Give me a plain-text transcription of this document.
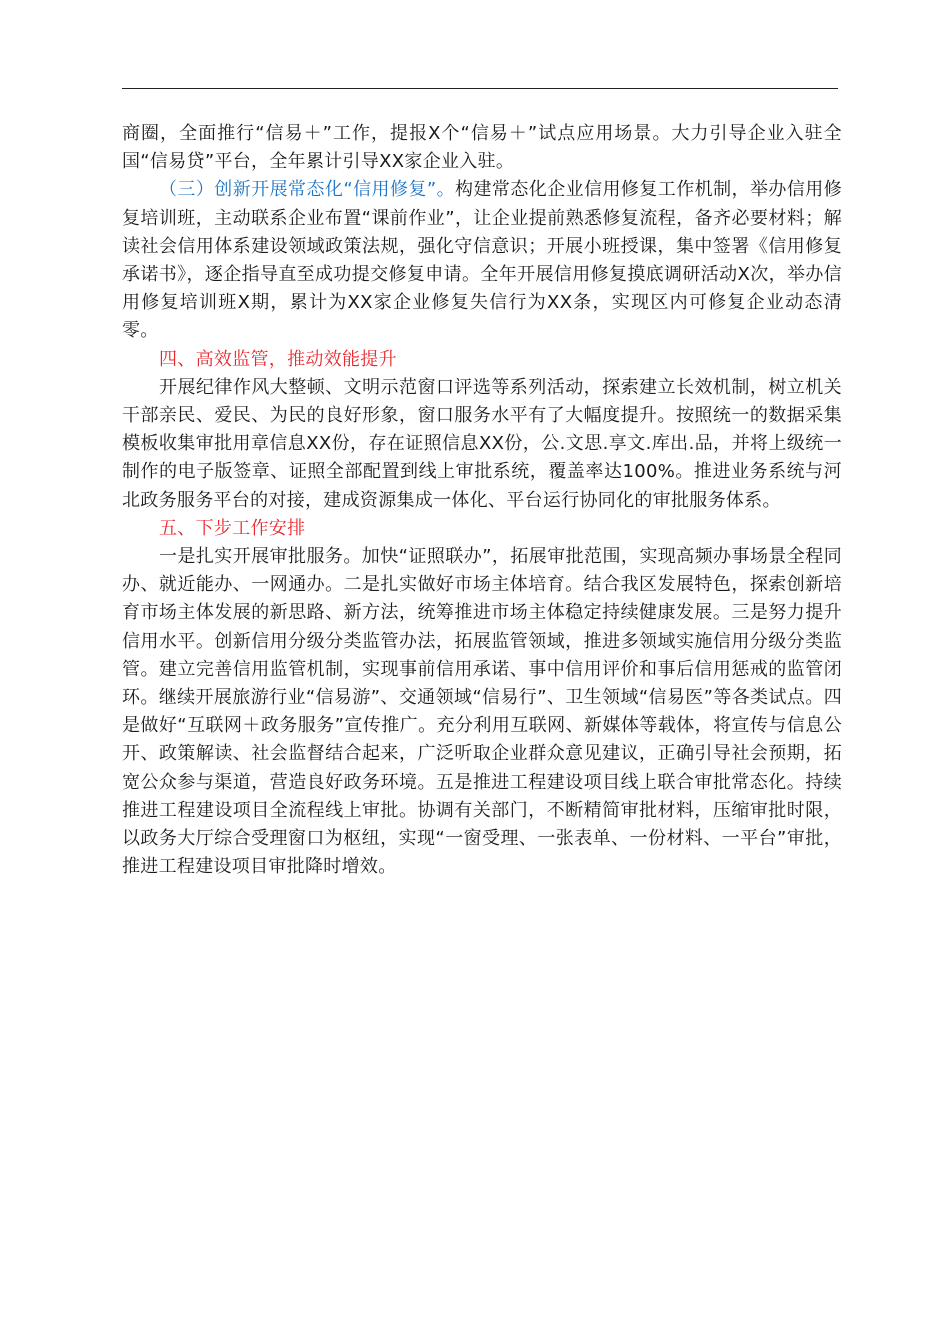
商圈，全面推行“信易＋”工作，提报X个“信易＋”试点应用场景。大力引导企业入驻全国“信易贷”平台，全年累计引导XX家企业入驻。

（三）创新开展常态化“信用修复”。构建常态化企业信用修复工作机制，举办信用修复培训班，主动联系企业布置“课前作业”，让企业提前熟悉修复流程，备齐必要材料；解读社会信用体系建设领域政策法规，强化守信意识；开展小班授课，集中签署《信用修复承诺书》，逐企指导直至成功提交修复申请。全年开展信用修复摸底调研活动X次，举办信用修复培训班X期，累计为XX家企业修复失信行为XX条，实现区内可修复企业动态清零。

四、高效监管，推动效能提升

开展纪律作风大整顿、文明示范窗口评选等系列活动，探索建立长效机制，树立机关干部亲民、爱民、为民的良好形象，窗口服务水平有了大幅度提升。按照统一的数据采集模板收集审批用章信息XX份，存在证照信息XX份，公.文思.享文.库出.品，并将上级统一制作的电子版签章、证照全部配置到线上审批系统，覆盖率达100%。推进业务系统与河北政务服务平台的对接，建成资源集成一体化、平台运行协同化的审批服务体系。

五、下步工作安排

一是扎实开展审批服务。加快“证照联办”，拓展审批范围，实现高频办事场景全程同办、就近能办、一网通办。二是扎实做好市场主体培育。结合我区发展特色，探索创新培育市场主体发展的新思路、新方法，统筹推进市场主体稳定持续健康发展。三是努力提升信用水平。创新信用分级分类监管办法，拓展监管领域，推进多领域实施信用分级分类监管。建立完善信用监管机制，实现事前信用承诺、事中信用评价和事后信用惩戒的监管闭环。继续开展旅游行业“信易游”、交通领域“信易行”、卫生领域“信易医”等各类试点。四是做好“互联网＋政务服务”宣传推广。充分利用互联网、新媒体等载体，将宣传与信息公开、政策解读、社会监督结合起来，广泛听取企业群众意见建议，正确引导社会预期，拓宽公众参与渠道，营造良好政务环境。五是推进工程建设项目线上联合审批常态化。持续推进工程建设项目全流程线上审批。协调有关部门，不断精简审批材料，压缩审批时限，以政务大厅综合受理窗口为枢纽，实现“一窗受理、一张表单、一份材料、一平台”审批，推进工程建设项目审批降时增效。
